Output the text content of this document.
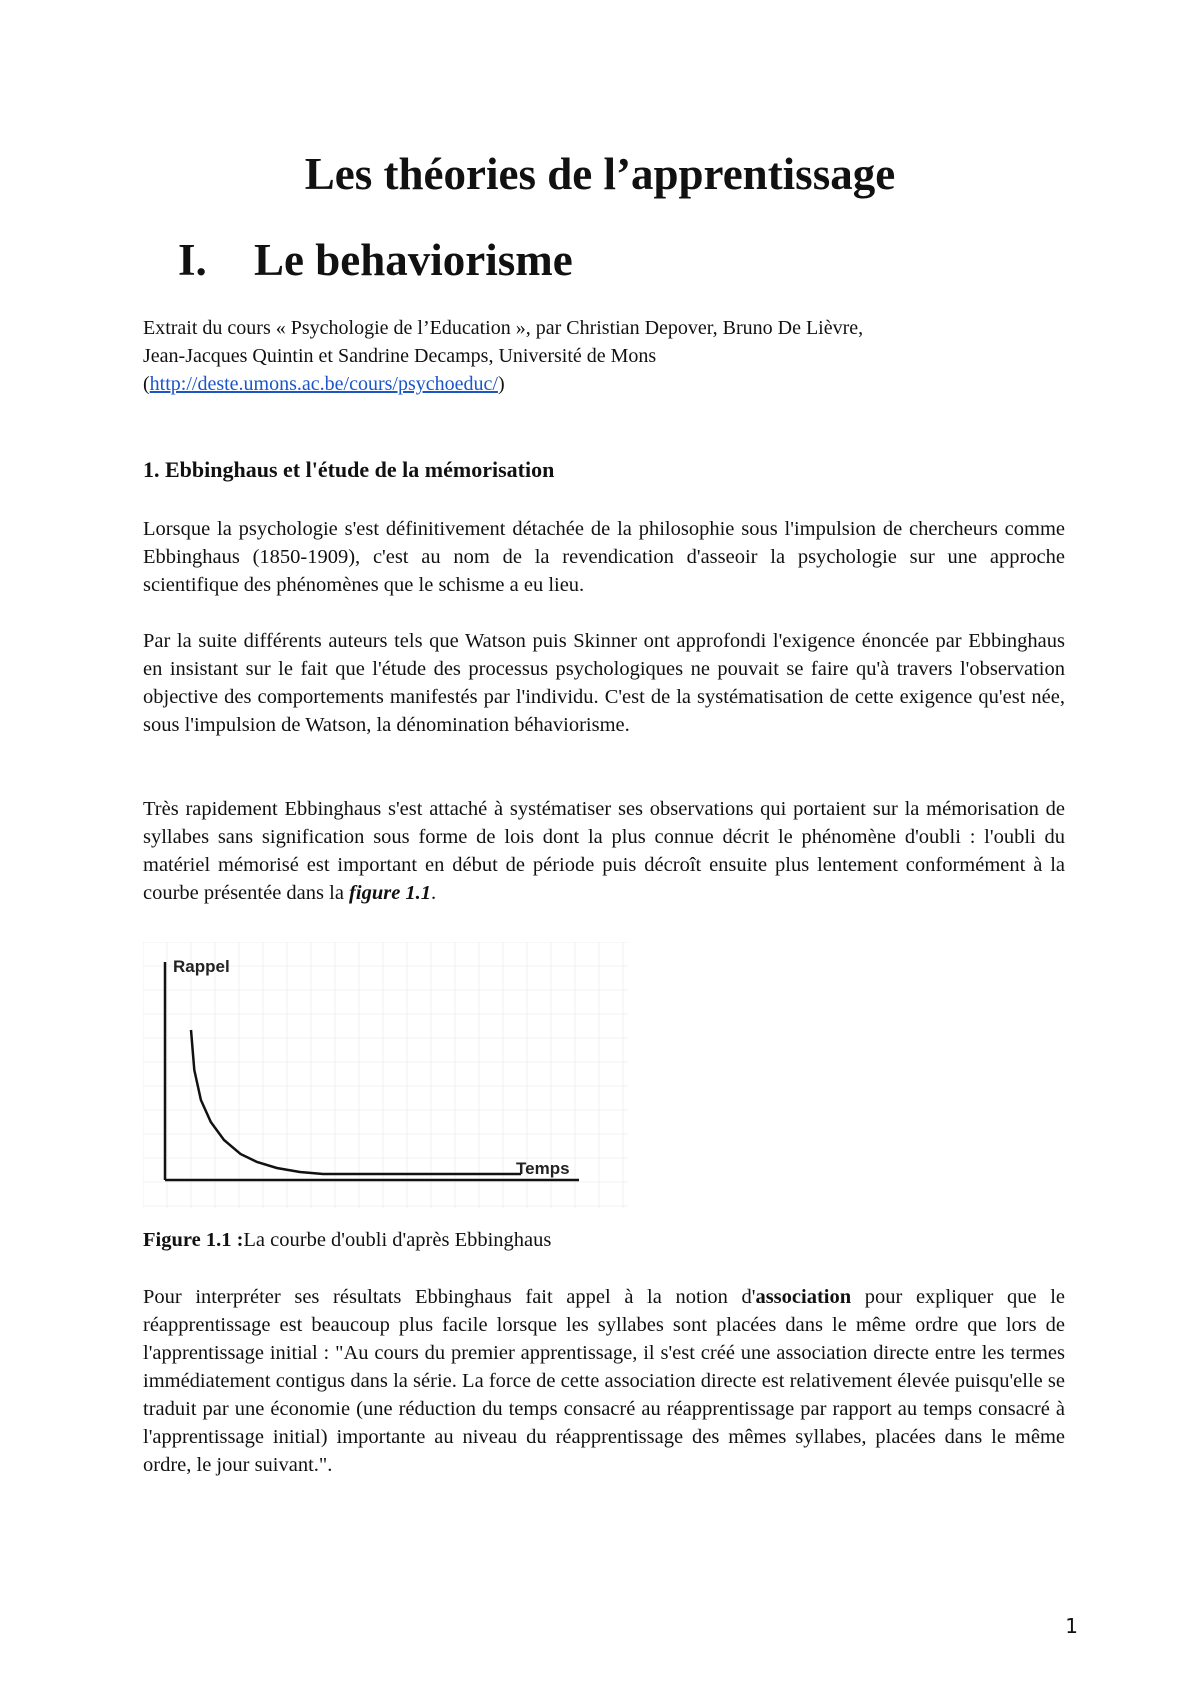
Les théories de l’apprentissage
I. Le behaviorisme

Extrait du cours « Psychologie de l’Education », par Christian Depover, Bruno De Lièvre,
Jean-Jacques Quintin et Sandrine Decamps, Université de Mons
(http://deste.umons.ac.be/cours/psychoeduc/)

1. Ebbinghaus et l'étude de la mémorisation

Lorsque la psychologie s'est définitivement détachée de la philosophie sous l'impulsion de chercheurs comme Ebbinghaus (1850-1909), c'est au nom de la revendication d'asseoir la psychologie sur une approche scientifique des phénomènes que le schisme a eu lieu.

Par la suite différents auteurs tels que Watson puis Skinner ont approfondi l'exigence énoncée par Ebbinghaus en insistant sur le fait que l'étude des processus psychologiques ne pouvait se faire qu'à travers l'observation objective des comportements manifestés par l'individu. C'est de la systématisation de cette exigence qu'est née, sous l'impulsion de Watson, la dénomination béhaviorisme.

Très rapidement Ebbinghaus s'est attaché à systématiser ses observations qui portaient sur la mémorisation de syllabes sans signification sous forme de lois dont la plus connue décrit le phénomène d'oubli : l'oubli du matériel mémorisé est important en début de période puis décroît ensuite plus lentement conformément à la courbe présentée dans la figure 1.1.

Rappel
Temps

Figure 1.1 :La courbe d'oubli d'après Ebbinghaus

Pour interpréter ses résultats Ebbinghaus fait appel à la notion d'association pour expliquer que le réapprentissage est beaucoup plus facile lorsque les syllabes sont placées dans le même ordre que lors de l'apprentissage initial : "Au cours du premier apprentissage, il s'est créé une association directe entre les termes immédiatement contigus dans la série. La force de cette association directe est relativement élevée puisqu'elle se traduit par une économie (une réduction du temps consacré au réapprentissage par rapport au temps consacré à l'apprentissage initial) importante au niveau du réapprentissage des mêmes syllabes, placées dans le même ordre, le jour suivant.".

1
